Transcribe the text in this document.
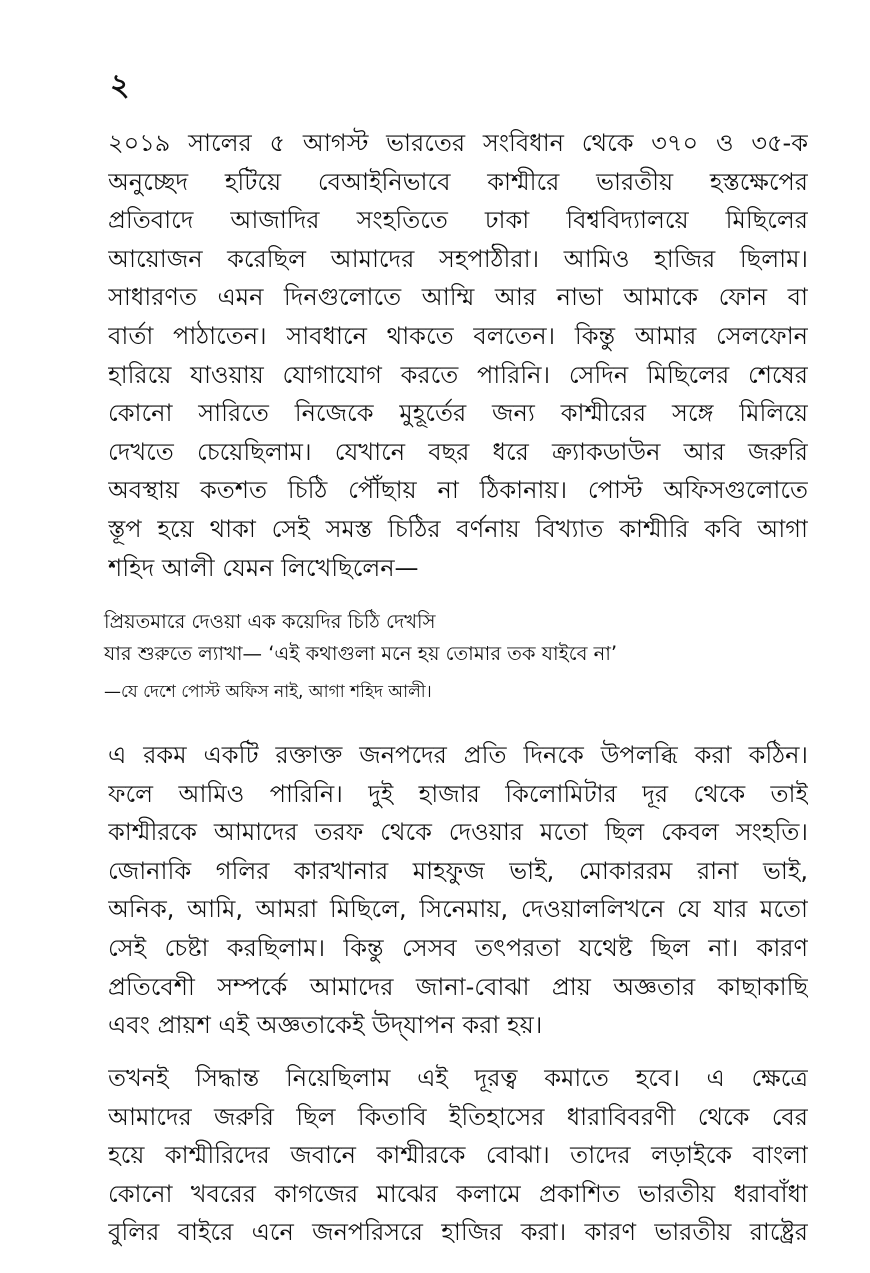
২

২০১৯ সালের ৫ আগস্ট ভারতের সংবিধান থেকে ৩৭০ ও ৩৫-ক
অনুচ্ছেদ হটিয়ে বেআইনিভাবে কাশ্মীরে ভারতীয় হস্তক্ষেপের
প্রতিবাদে আজাদির সংহতিতে ঢাকা বিশ্ববিদ্যালয়ে মিছিলের
আয়োজন করেছিল আমাদের সহপাঠীরা। আমিও হাজির ছিলাম।
সাধারণত এমন দিনগুলোতে আম্মি আর নাভা আমাকে ফোন বা
বার্তা পাঠাতেন। সাবধানে থাকতে বলতেন। কিন্তু আমার সেলফোন
হারিয়ে যাওয়ায় যোগাযোগ করতে পারিনি। সেদিন মিছিলের শেষের
কোনো সারিতে নিজেকে মুহূর্তের জন্য কাশ্মীরের সঙ্গে মিলিয়ে
দেখতে চেয়েছিলাম। যেখানে বছর ধরে ক্র্যাকডাউন আর জরুরি
অবস্থায় কতশত চিঠি পৌঁছায় না ঠিকানায়। পোস্ট অফিসগুলোতে
স্তূপ হয়ে থাকা সেই সমস্ত চিঠির বর্ণনায় বিখ্যাত কাশ্মীরি কবি আগা
শহিদ আলী যেমন লিখেছিলেন—

প্রিয়তমারে দেওয়া এক কয়েদির চিঠি দেখসি
যার শুরুতে ল্যাখা— ‘এই কথাগুলা মনে হয় তোমার তক যাইবে না’
—যে দেশে পোস্ট অফিস নাই, আগা শহিদ আলী।

এ রকম একটি রক্তাক্ত জনপদের প্রতি দিনকে উপলব্ধি করা কঠিন।
ফলে আমিও পারিনি। দুই হাজার কিলোমিটার দূর থেকে তাই
কাশ্মীরকে আমাদের তরফ থেকে দেওয়ার মতো ছিল কেবল সংহতি।
জোনাকি গলির কারখানার মাহফুজ ভাই, মোকাররম রানা ভাই,
অনিক, আমি, আমরা মিছিলে, সিনেমায়, দেওয়াললিখনে যে যার মতো
সেই চেষ্টা করছিলাম। কিন্তু সেসব তৎপরতা যথেষ্ট ছিল না। কারণ
প্রতিবেশী সম্পর্কে আমাদের জানা-বোঝা প্রায় অজ্ঞতার কাছাকাছি
এবং প্রায়শ এই অজ্ঞতাকেই উদ্‌যাপন করা হয়।

তখনই সিদ্ধান্ত নিয়েছিলাম এই দূরত্ব কমাতে হবে। এ ক্ষেত্রে
আমাদের জরুরি ছিল কিতাবি ইতিহাসের ধারাবিবরণী থেকে বের
হয়ে কাশ্মীরিদের জবানে কাশ্মীরকে বোঝা। তাদের লড়াইকে বাংলা
কোনো খবরের কাগজের মাঝের কলামে প্রকাশিত ভারতীয় ধরাবাঁধা
বুলির বাইরে এনে জনপরিসরে হাজির করা। কারণ ভারতীয় রাষ্ট্রের
